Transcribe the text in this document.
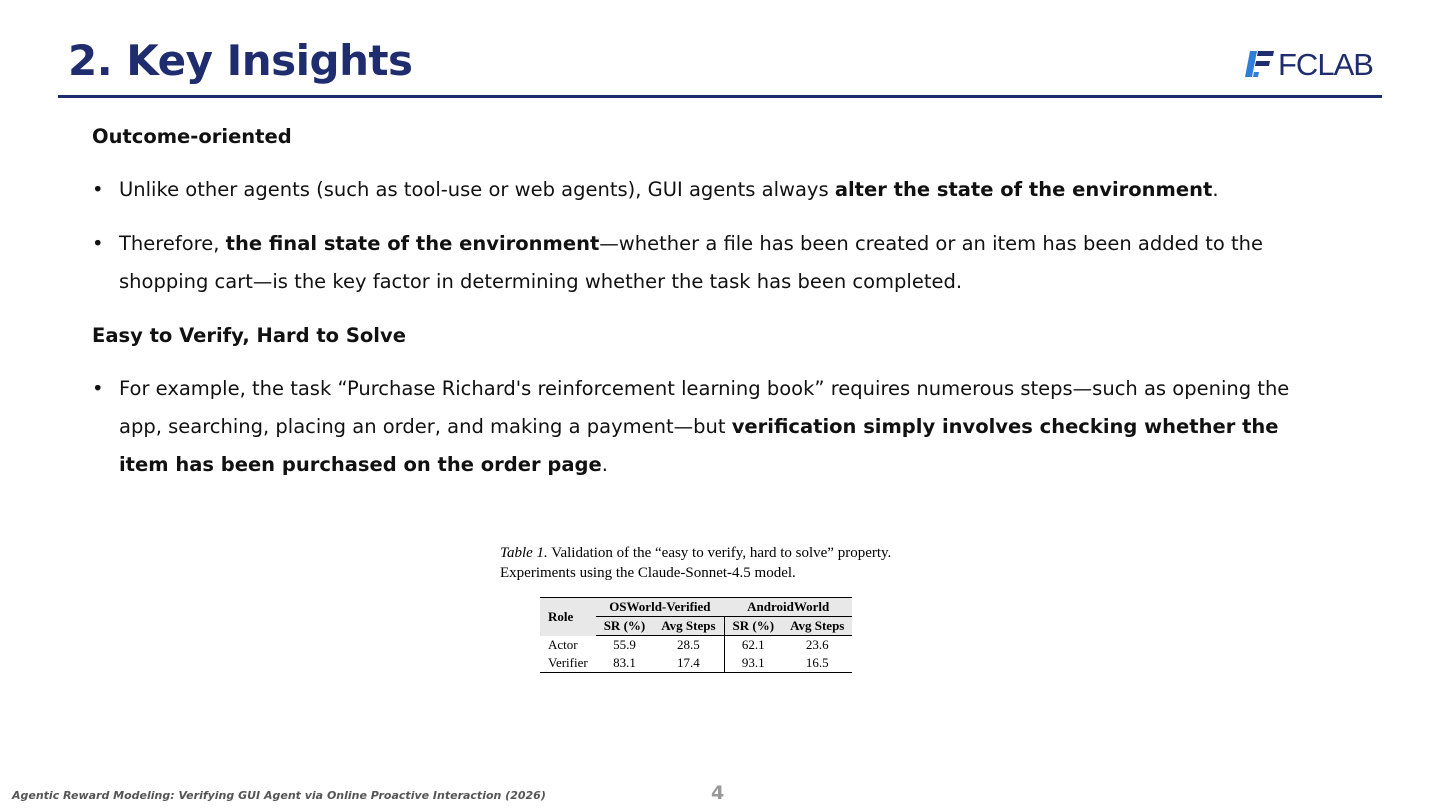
2. Key Insights	FCLAB

Outcome-oriented

• Unlike other agents (such as tool-use or web agents), GUI agents always alter the state of the environment.
• Therefore, the final state of the environment—whether a file has been created or an item has been added to the shopping cart—is the key factor in determining whether the task has been completed.

Easy to Verify, Hard to Solve

• For example, the task “Purchase Richard's reinforcement learning book” requires numerous steps—such as opening the app, searching, placing an order, and making a payment—but verification simply involves checking whether the item has been purchased on the order page.

Table 1. Validation of the “easy to verify, hard to solve” property.
Experiments using the Claude-Sonnet-4.5 model.

Role	OSWorld-Verified		AndroidWorld	
	SR (%)	Avg Steps	SR (%)	Avg Steps
Actor	55.9	28.5	62.1	23.6
Verifier	83.1	17.4	93.1	16.5
Agentic Reward Modeling: Verifying GUI Agent via Online Proactive Interaction (2026)	4
